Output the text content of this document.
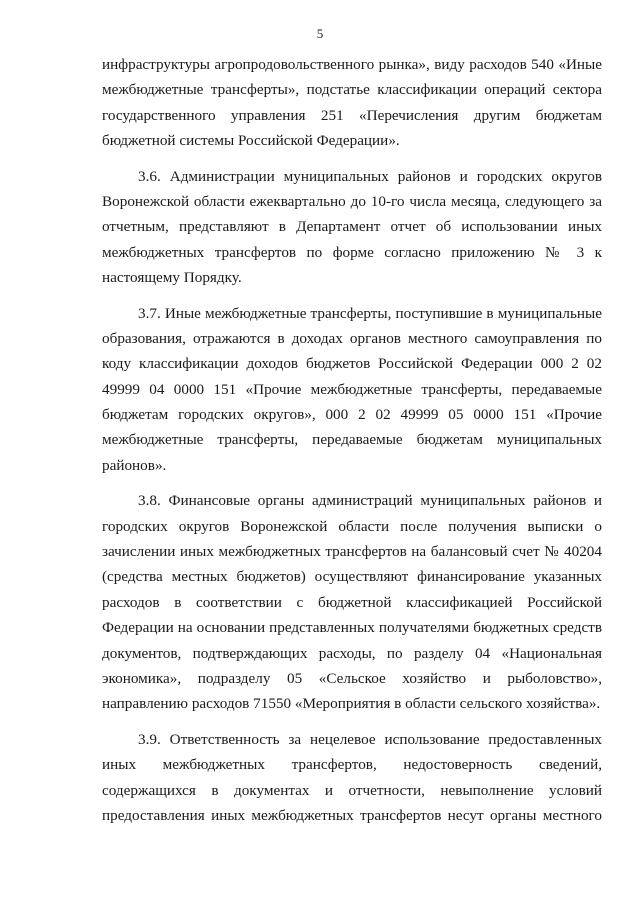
5
инфраструктуры агропродовольственного рынка», виду расходов 540 «Иные
межбюджетные трансферты», подстатье классификации операций сектора
государственного управления 251 «Перечисления другим бюджетам
бюджетной системы Российской Федерации».
3.6. Администрации муниципальных районов и городских округов
Воронежской области ежеквартально до 10-го числа месяца, следующего за
отчетным, представляют в Департамент отчет об использовании иных
межбюджетных трансфертов по форме согласно приложению № 3 к
настоящему Порядку.
3.7. Иные межбюджетные трансферты, поступившие в муниципальные
образования, отражаются в доходах органов местного самоуправления по
коду классификации доходов бюджетов Российской Федерации 000 2 02
49999 04 0000 151 «Прочие межбюджетные трансферты, передаваемые
бюджетам городских округов», 000 2 02 49999 05 0000 151 «Прочие
межбюджетные трансферты, передаваемые бюджетам муниципальных
районов».
3.8. Финансовые органы администраций муниципальных районов и
городских округов Воронежской области после получения выписки о
зачислении иных межбюджетных трансфертов на балансовый счет № 40204
(средства местных бюджетов) осуществляют финансирование указанных
расходов в соответствии с бюджетной классификацией Российской
Федерации на основании представленных получателями бюджетных средств
документов, подтверждающих расходы, по разделу 04 «Национальная
экономика», подразделу 05 «Сельское хозяйство и рыболовство»,
направлению расходов 71550 «Мероприятия в области сельского хозяйства».
3.9. Ответственность за нецелевое использование предоставленных
иных межбюджетных трансфертов, недостоверность сведений,
содержащихся в документах и отчетности, невыполнение условий
предоставления иных межбюджетных трансфертов несут органы местного
